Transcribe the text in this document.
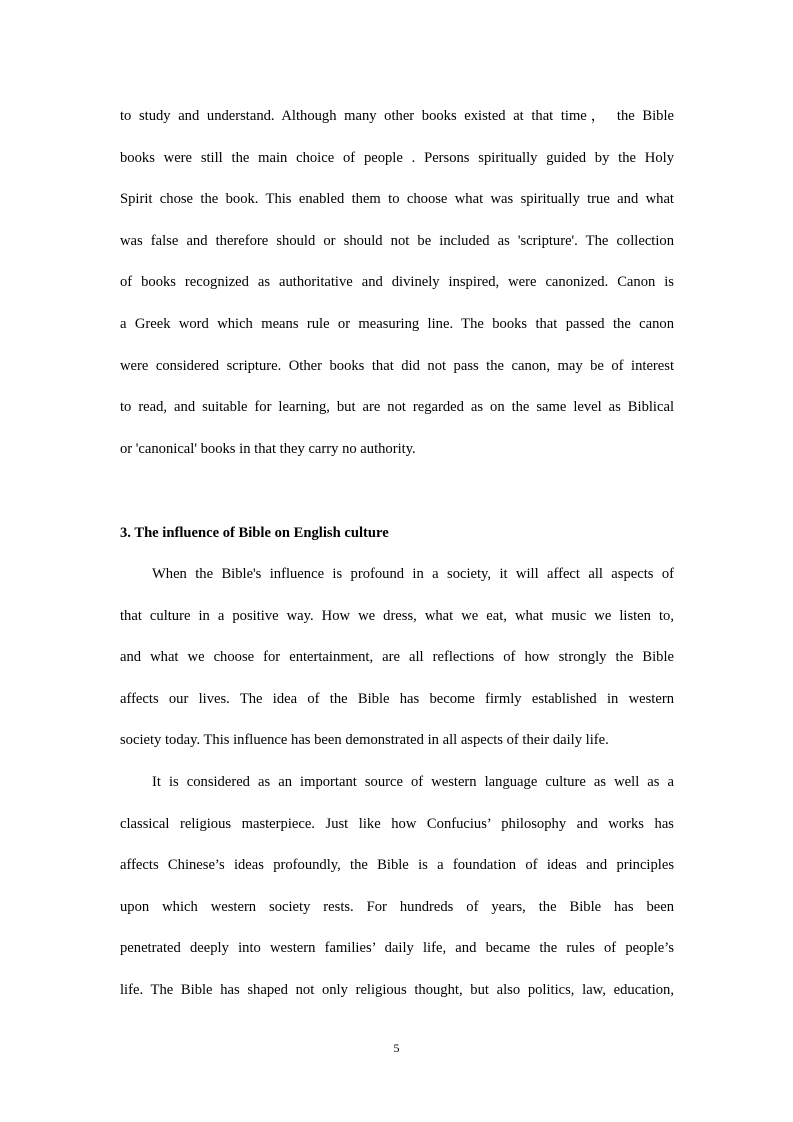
to study and understand. Although many other books existed at that time， the Bible
books were still the main choice of people . Persons spiritually guided by the Holy
Spirit chose the book. This enabled them to choose what was spiritually true and what
was false and therefore should or should not be included as 'scripture'. The collection
of books recognized as authoritative and divinely inspired, were canonized. Canon is
a Greek word which means rule or measuring line. The books that passed the canon
were considered scripture. Other books that did not pass the canon, may be of interest
to read, and suitable for learning, but are not regarded as on the same level as Biblical
or 'canonical' books in that they carry no authority.
3. The influence of Bible on English culture
When the Bible's influence is profound in a society, it will affect all aspects of
that culture in a positive way. How we dress, what we eat, what music we listen to,
and what we choose for entertainment, are all reflections of how strongly the Bible
affects our lives. The idea of the Bible has become firmly established in western
society today. This influence has been demonstrated in all aspects of their daily life.
It is considered as an important source of western language culture as well as a
classical religious masterpiece. Just like how Confucius’ philosophy and works has
affects Chinese’s ideas profoundly, the Bible is a foundation of ideas and principles
upon which western society rests. For hundreds of years, the Bible has been
penetrated deeply into western families’ daily life, and became the rules of people’s
life. The Bible has shaped not only religious thought, but also politics, law, education,
5
